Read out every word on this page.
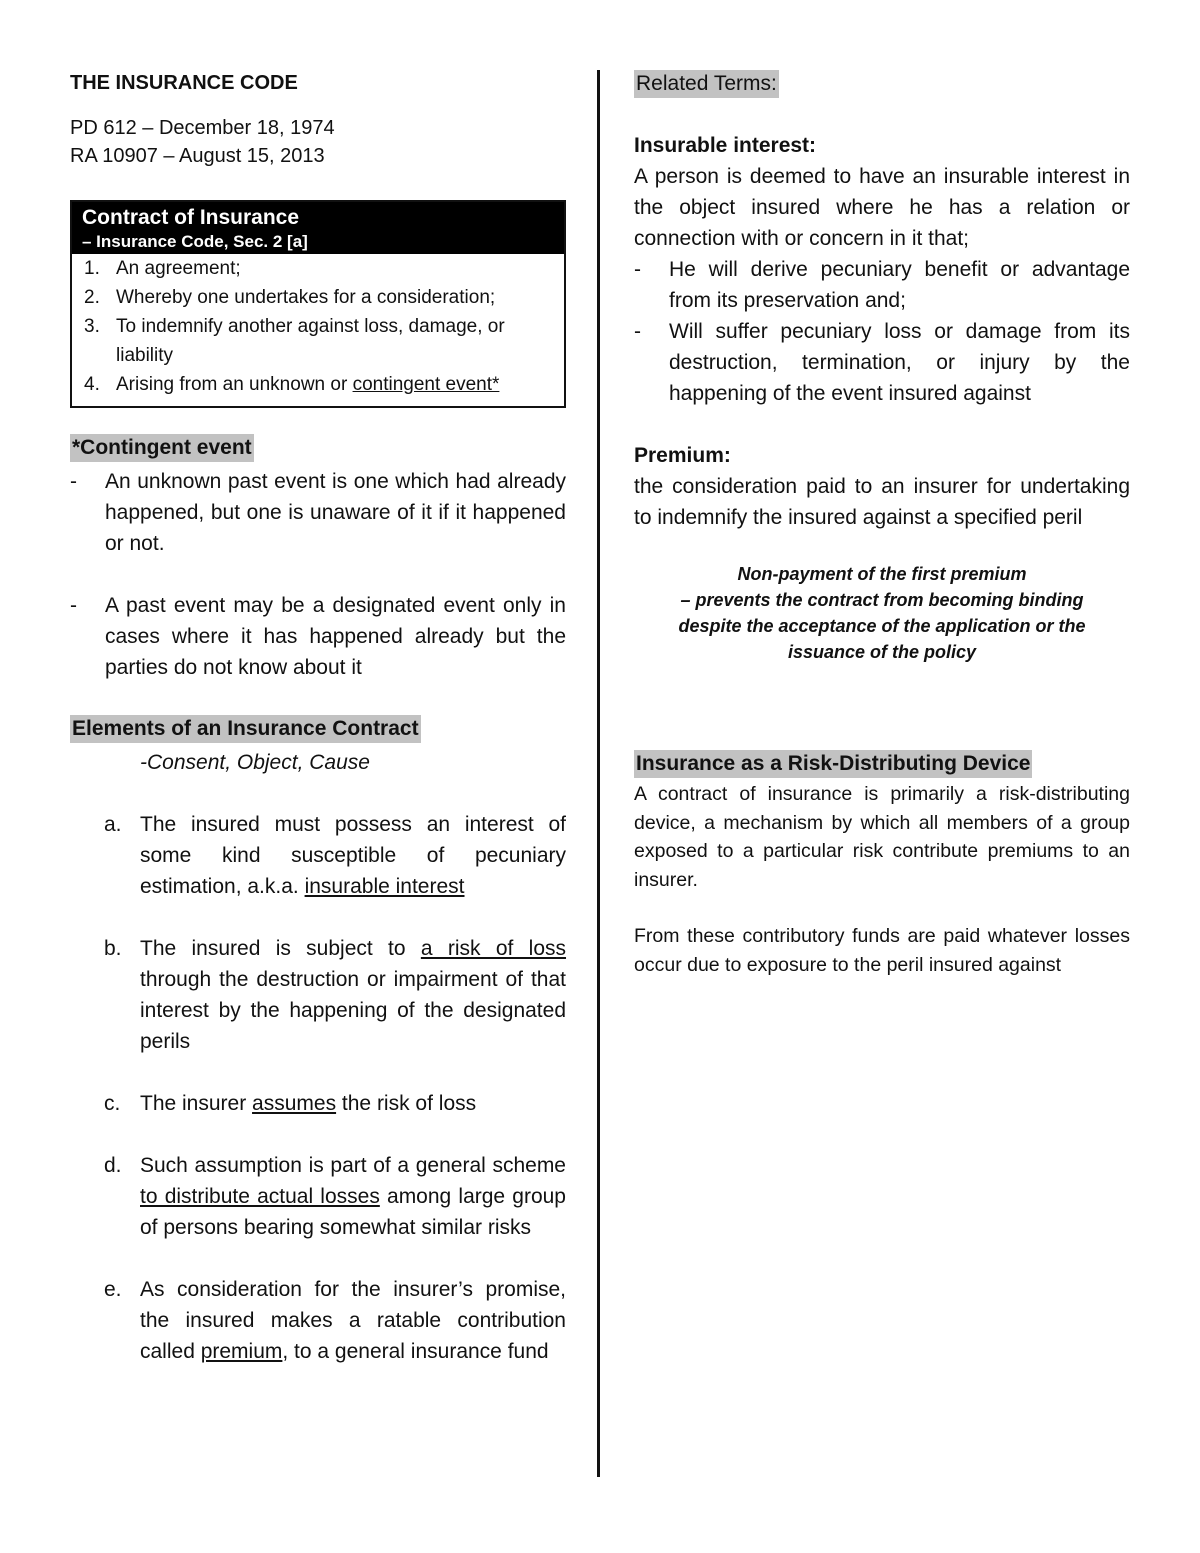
THE INSURANCE CODE
PD 612 – December 18, 1974
RA 10907 – August 15, 2013
Contract of Insurance
– Insurance Code, Sec. 2 [a]
1. An agreement;
2. Whereby one undertakes for a consideration;
3. To indemnify another against loss, damage, or liability
4. Arising from an unknown or contingent event*
*Contingent event
- An unknown past event is one which had already happened, but one is unaware of it if it happened or not.
- A past event may be a designated event only in cases where it has happened already but the parties do not know about it
Elements of an Insurance Contract
-Consent, Object, Cause
a. The insured must possess an interest of some kind susceptible of pecuniary estimation, a.k.a. insurable interest
b. The insured is subject to a risk of loss through the destruction or impairment of that interest by the happening of the designated perils
c. The insurer assumes the risk of loss
d. Such assumption is part of a general scheme to distribute actual losses among large group of persons bearing somewhat similar risks
e. As consideration for the insurer’s promise, the insured makes a ratable contribution called premium, to a general insurance fund
Related Terms:
Insurable interest:
A person is deemed to have an insurable interest in the object insured where he has a relation or connection with or concern in it that;
- He will derive pecuniary benefit or advantage from its preservation and;
- Will suffer pecuniary loss or damage from its destruction, termination, or injury by the happening of the event insured against
Premium:
the consideration paid to an insurer for undertaking to indemnify the insured against a specified peril
Non-payment of the first premium
– prevents the contract from becoming binding
despite the acceptance of the application or the
issuance of the policy
Insurance as a Risk-Distributing Device
A contract of insurance is primarily a risk-distributing device, a mechanism by which all members of a group exposed to a particular risk contribute premiums to an insurer.
From these contributory funds are paid whatever losses occur due to exposure to the peril insured against
